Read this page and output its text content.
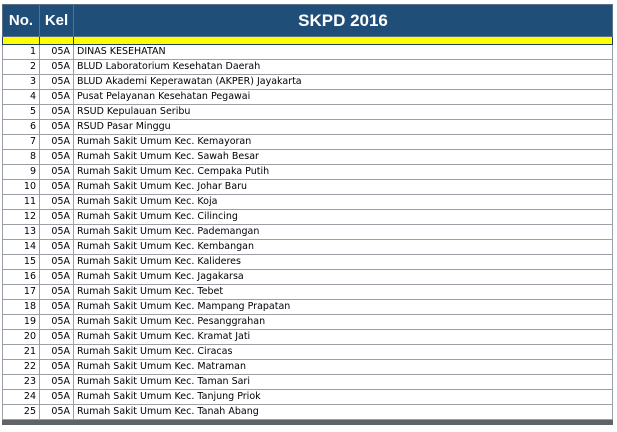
No.	Kel	SKPD 2016

1	05A	DINAS KESEHATAN
2	05A	BLUD Laboratorium Kesehatan Daerah
3	05A	BLUD Akademi Keperawatan (AKPER) Jayakarta
4	05A	Pusat Pelayanan Kesehatan Pegawai
5	05A	RSUD Kepulauan Seribu
6	05A	RSUD Pasar Minggu
7	05A	Rumah Sakit Umum Kec. Kemayoran
8	05A	Rumah Sakit Umum Kec. Sawah Besar
9	05A	Rumah Sakit Umum Kec. Cempaka Putih
10	05A	Rumah Sakit Umum Kec. Johar Baru
11	05A	Rumah Sakit Umum Kec. Koja
12	05A	Rumah Sakit Umum Kec. Cilincing
13	05A	Rumah Sakit Umum Kec. Pademangan
14	05A	Rumah Sakit Umum Kec. Kembangan
15	05A	Rumah Sakit Umum Kec. Kalideres
16	05A	Rumah Sakit Umum Kec. Jagakarsa
17	05A	Rumah Sakit Umum Kec. Tebet
18	05A	Rumah Sakit Umum Kec. Mampang Prapatan
19	05A	Rumah Sakit Umum Kec. Pesanggrahan
20	05A	Rumah Sakit Umum Kec. Kramat Jati
21	05A	Rumah Sakit Umum Kec. Ciracas
22	05A	Rumah Sakit Umum Kec. Matraman
23	05A	Rumah Sakit Umum Kec. Taman Sari
24	05A	Rumah Sakit Umum Kec. Tanjung Priok
25	05A	Rumah Sakit Umum Kec. Tanah Abang
